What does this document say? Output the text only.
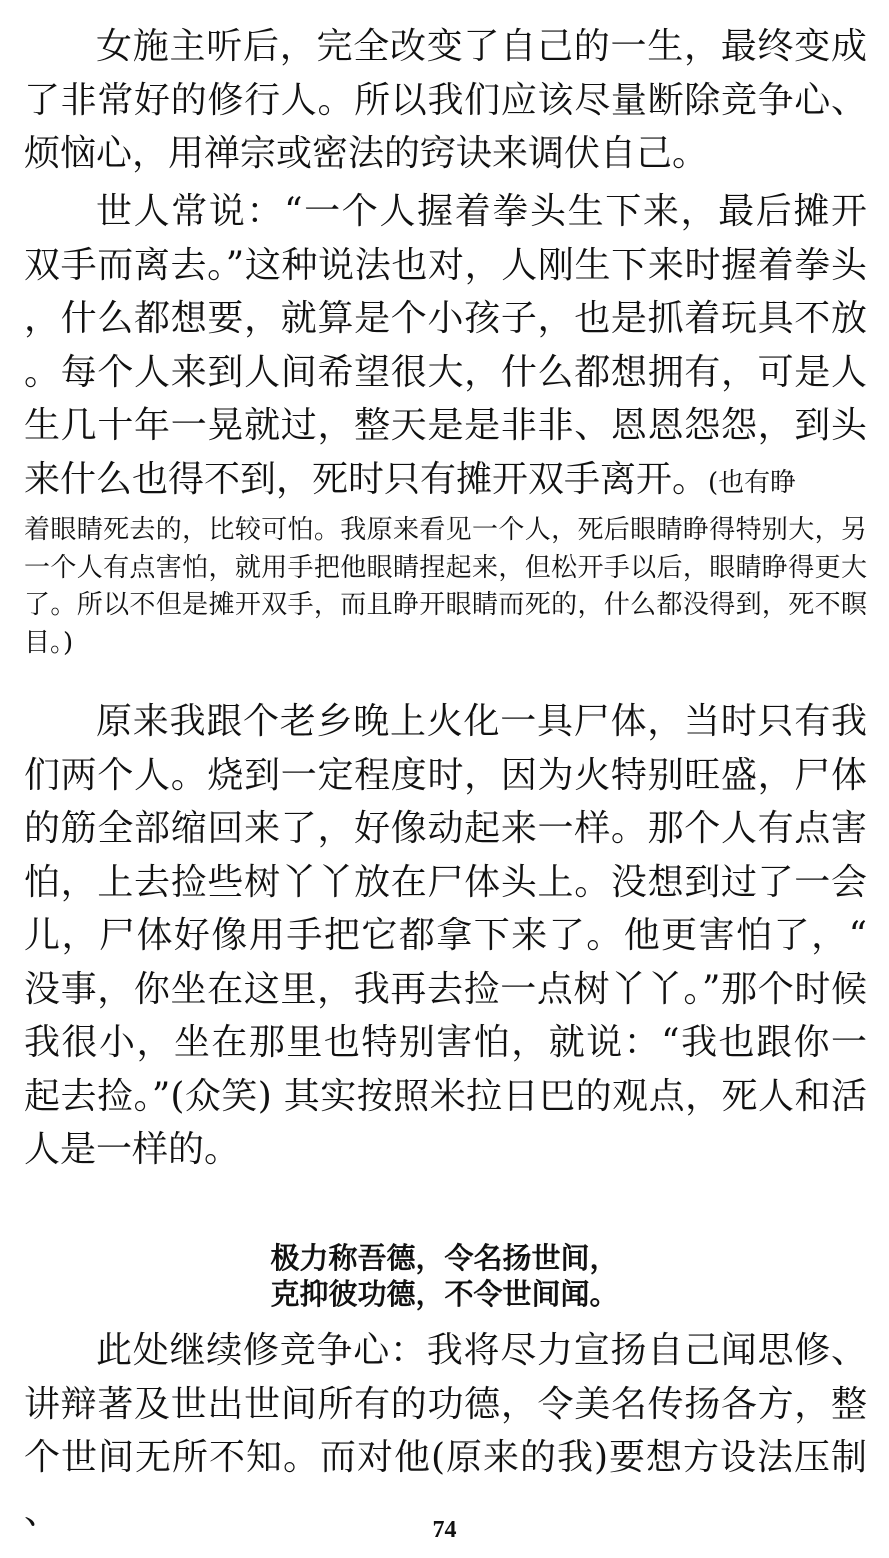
女施主听后，完全改变了自己的一生，最终变成了非常好的修行人。所以我们应该尽量断除竞争心、烦恼心，用禅宗或密法的窍诀来调伏自己。

世人常说：“一个人握着拳头生下来，最后摊开双手而离去。”这种说法也对，人刚生下来时握着拳头，什么都想要，就算是个小孩子，也是抓着玩具不放。每个人来到人间希望很大，什么都想拥有，可是人生几十年一晃就过，整天是是非非、恩恩怨怨，到头来什么也得不到，死时只有摊开双手离开。(也有睁

着眼睛死去的，比较可怕。我原来看见一个人，死后眼睛睁得特别大，另一个人有点害怕，就用手把他眼睛捏起来，但松开手以后，眼睛睁得更大了。所以不但是摊开双手，而且睁开眼睛而死的，什么都没得到，死不瞑目。)

原来我跟个老乡晚上火化一具尸体，当时只有我们两个人。烧到一定程度时，因为火特别旺盛，尸体的筋全部缩回来了，好像动起来一样。那个人有点害怕，上去捡些树丫丫放在尸体头上。没想到过了一会儿，尸体好像用手把它都拿下来了。他更害怕了，“没事，你坐在这里，我再去捡一点树丫丫。”那个时候我很小，坐在那里也特别害怕，就说：“我也跟你一起去捡。”(众笑) 其实按照米拉日巴的观点，死人和活人是一样的。

极力称吾德，令名扬世间，
克抑彼功德，不令世间闻。

此处继续修竞争心：我将尽力宣扬自己闻思修、讲辩著及世出世间所有的功德，令美名传扬各方，整个世间无所不知。而对他(原来的我)要想方设法压制、	74
